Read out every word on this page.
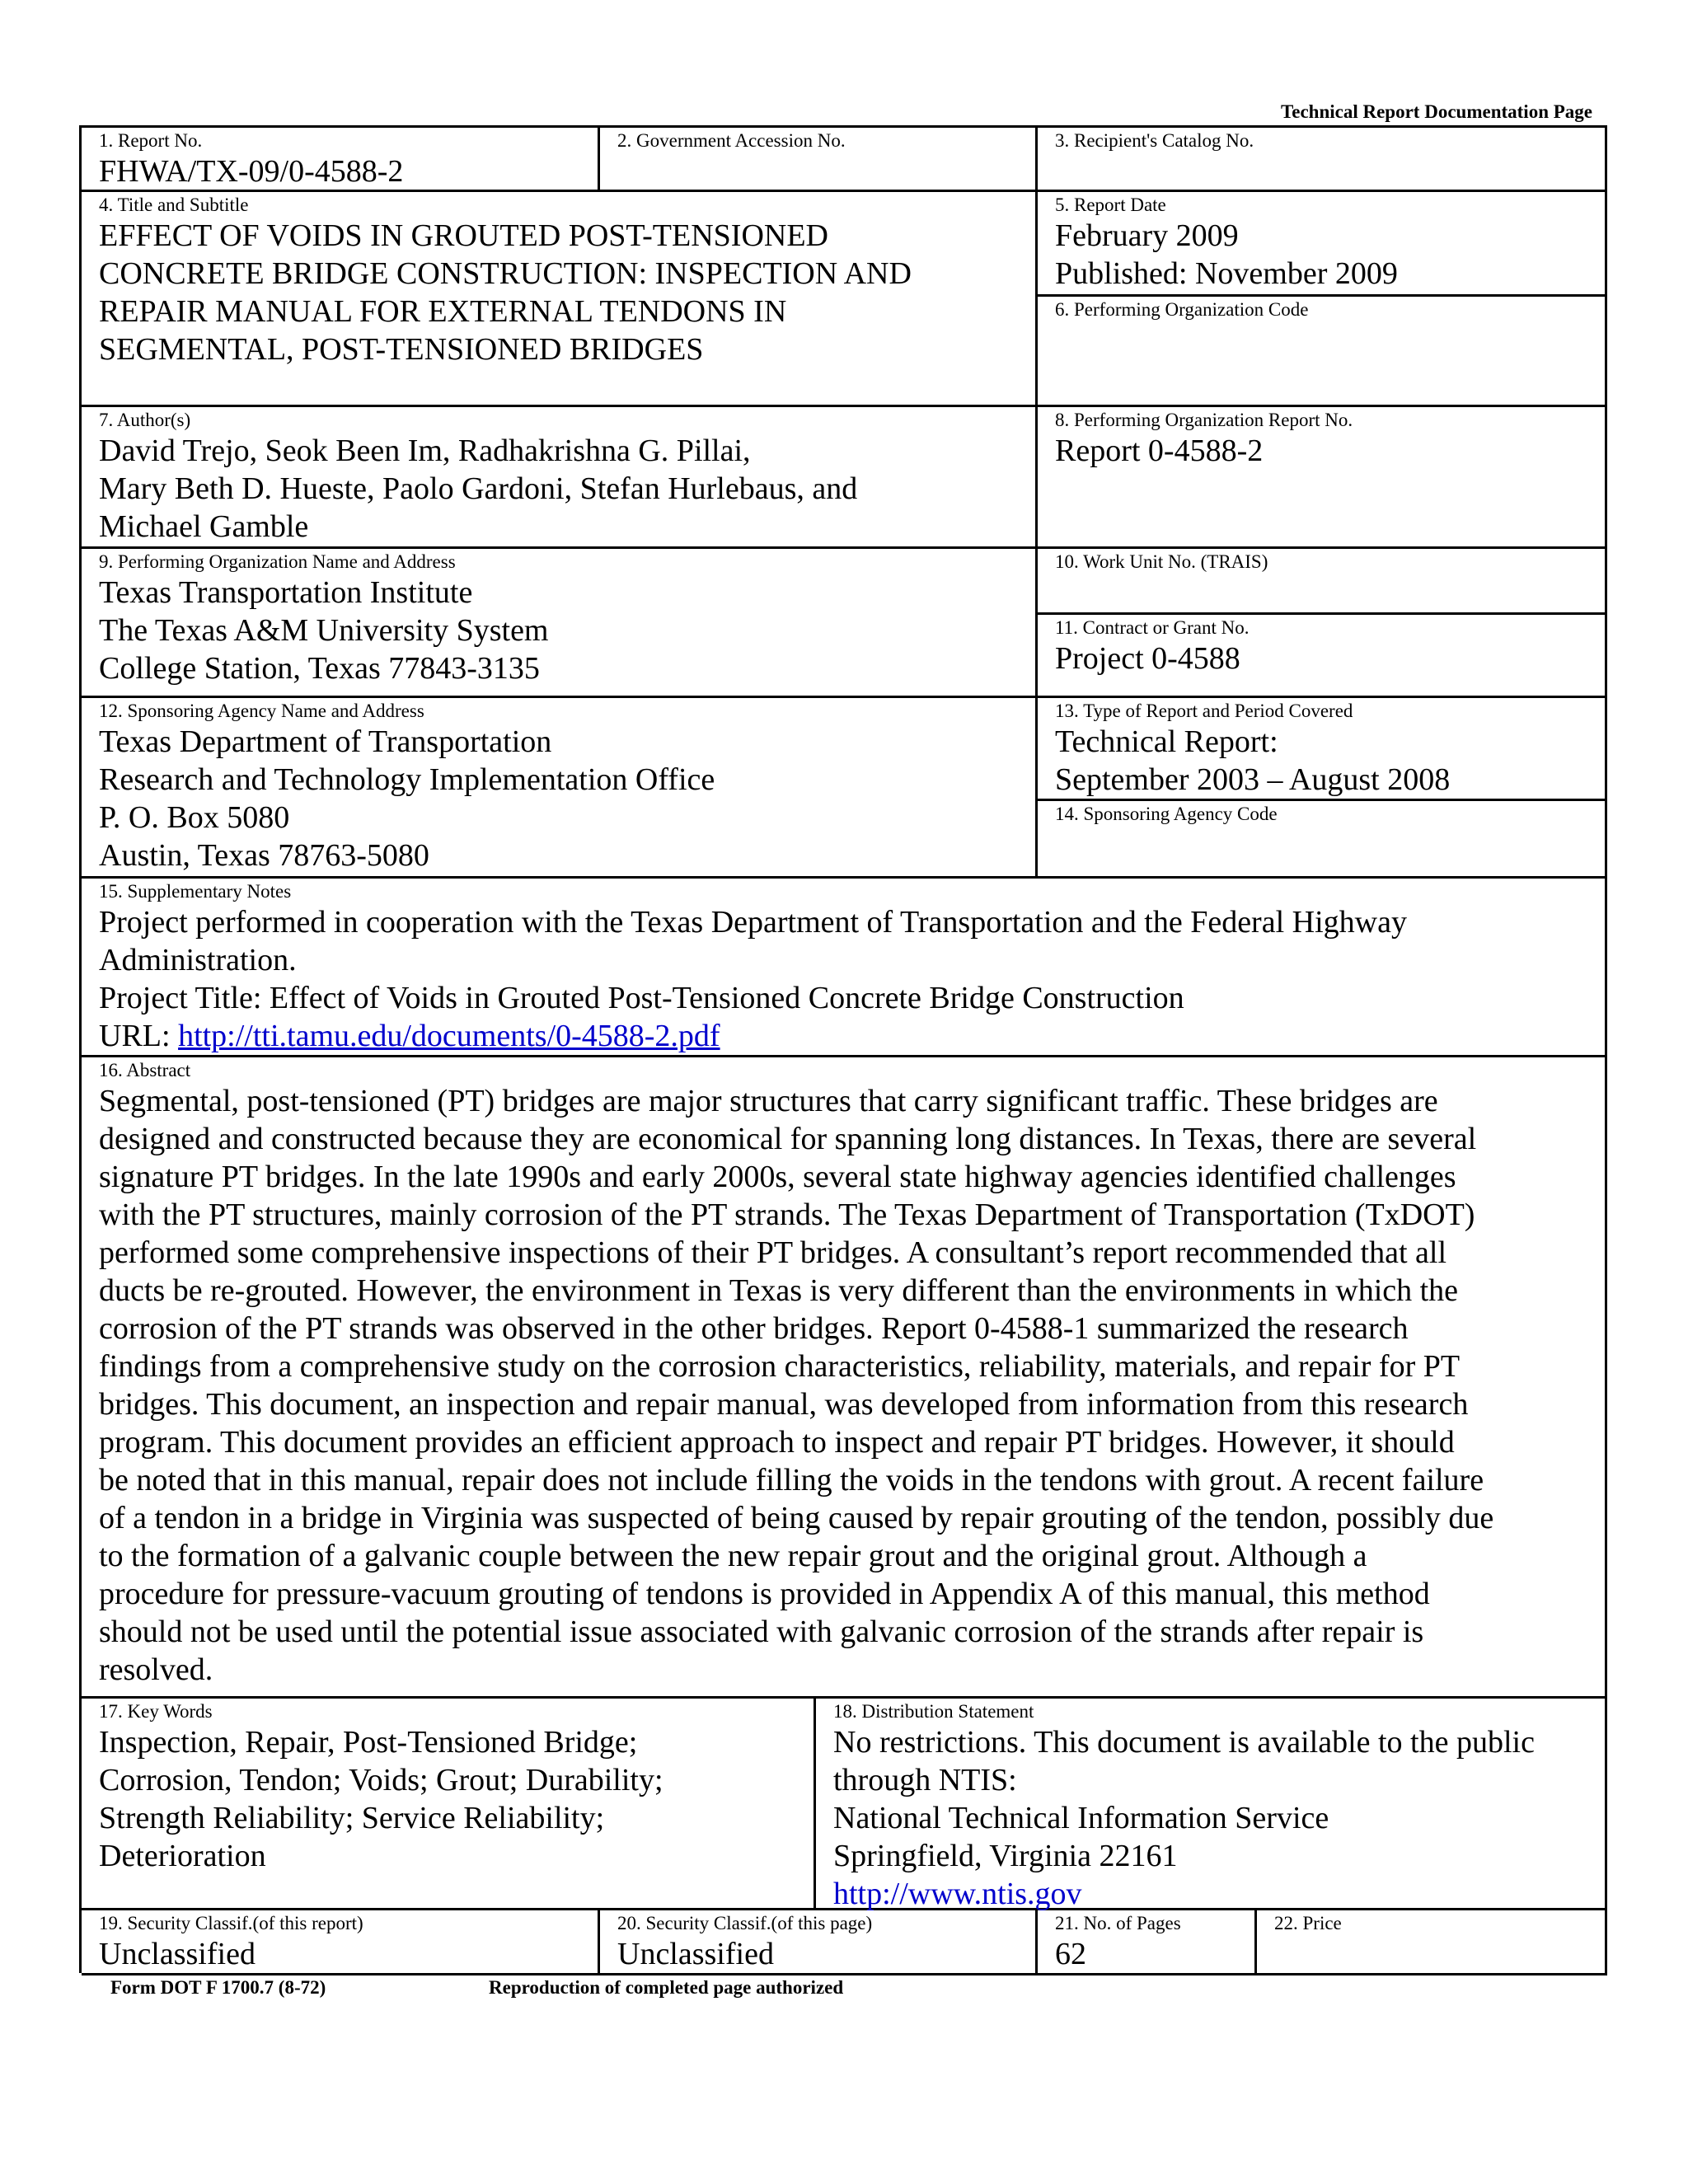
Technical Report Documentation Page
1. Report No.
FHWA/TX-09/0-4588-2
2. Government Accession No.	3. Recipient's Catalog No.
4. Title and Subtitle
EFFECT OF VOIDS IN GROUTED POST-TENSIONED
CONCRETE BRIDGE CONSTRUCTION: INSPECTION AND
REPAIR MANUAL FOR EXTERNAL TENDONS IN
SEGMENTAL, POST-TENSIONED BRIDGES
5. Report Date
February 2009
Published: November 2009
6. Performing Organization Code
7. Author(s)
David Trejo, Seok Been Im, Radhakrishna G. Pillai,
Mary Beth D. Hueste, Paolo Gardoni, Stefan Hurlebaus, and
Michael Gamble
8. Performing Organization Report No.
Report 0-4588-2
9. Performing Organization Name and Address
Texas Transportation Institute
The Texas A&M University System
College Station, Texas 77843-3135
10. Work Unit No. (TRAIS)
11. Contract or Grant No.
Project 0-4588
12. Sponsoring Agency Name and Address
Texas Department of Transportation
Research and Technology Implementation Office
P. O. Box 5080
Austin, Texas 78763-5080
13. Type of Report and Period Covered
Technical Report:
September 2003 – August 2008
14. Sponsoring Agency Code
15. Supplementary Notes
Project performed in cooperation with the Texas Department of Transportation and the Federal Highway
Administration.
Project Title: Effect of Voids in Grouted Post-Tensioned Concrete Bridge Construction
URL: http://tti.tamu.edu/documents/0-4588-2.pdf
16. Abstract
Segmental, post-tensioned (PT) bridges are major structures that carry significant traffic. These bridges are
designed and constructed because they are economical for spanning long distances. In Texas, there are several
signature PT bridges. In the late 1990s and early 2000s, several state highway agencies identified challenges
with the PT structures, mainly corrosion of the PT strands. The Texas Department of Transportation (TxDOT)
performed some comprehensive inspections of their PT bridges. A consultant’s report recommended that all
ducts be re-grouted. However, the environment in Texas is very different than the environments in which the
corrosion of the PT strands was observed in the other bridges. Report 0-4588-1 summarized the research
findings from a comprehensive study on the corrosion characteristics, reliability, materials, and repair for PT
bridges. This document, an inspection and repair manual, was developed from information from this research
program. This document provides an efficient approach to inspect and repair PT bridges. However, it should
be noted that in this manual, repair does not include filling the voids in the tendons with grout. A recent failure
of a tendon in a bridge in Virginia was suspected of being caused by repair grouting of the tendon, possibly due
to the formation of a galvanic couple between the new repair grout and the original grout. Although a
procedure for pressure-vacuum grouting of tendons is provided in Appendix A of this manual, this method
should not be used until the potential issue associated with galvanic corrosion of the strands after repair is
resolved.
17. Key Words
Inspection, Repair, Post-Tensioned Bridge;
Corrosion, Tendon; Voids; Grout; Durability;
Strength Reliability; Service Reliability;
Deterioration
18. Distribution Statement
No restrictions. This document is available to the public
through NTIS:
National Technical Information Service
Springfield, Virginia 22161
http://www.ntis.gov
19. Security Classif.(of this report)
Unclassified
20. Security Classif.(of this page)
Unclassified
21. No. of Pages
62
22. Price
Form DOT F 1700.7 (8-72)	Reproduction of completed page authorized
